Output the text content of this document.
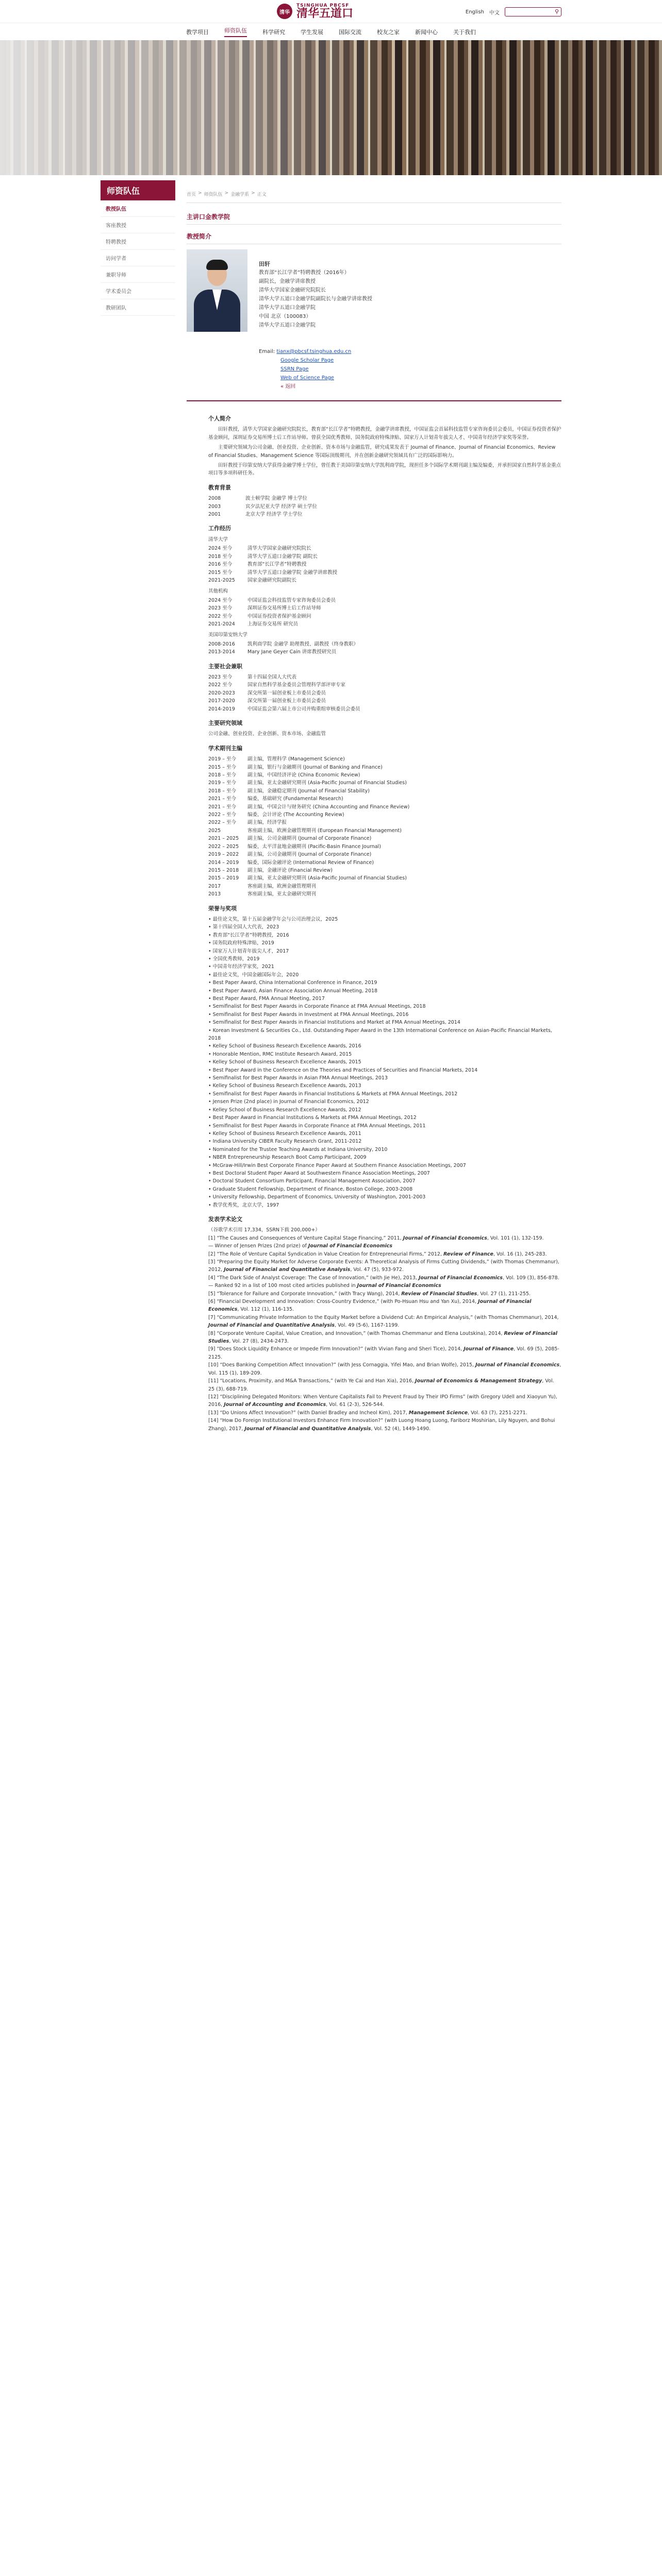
清华
TSINGHUA PBCSF
清华五道口	English 中文	⚲
教学项目	师资队伍	科学研究	学生发展	国际交流	校友之家	新闻中心	关于我们
师资队伍
教授队伍
客座教授
特聘教授
访问学者
兼职导师
学术委员会
教研团队
首页 > 师资队伍 > 金融学系 > 正文
主讲口金教学院
教授简介
田轩
教育部“长江学者”特聘教授（2016年）
副院长，金融学讲席教授
清华大学国家金融研究院院长
清华大学五道口金融学院副院长与金融学讲席教授
清华大学五道口金融学院
中国 北京（100083）
清华大学五道口金融学院
Email: tianx@pbcsf.tsinghua.edu.cn
Google Scholar Page
SSRN Page
Web of Science Page
« 返回
个人简介
田轩教授，清华大学国家金融研究院院长，教育部“长江学者”特聘教授，金融学讲席教授，中国证监会首届科技监管专家咨询委员会委员，中国证券投资者保护基金顾问，深圳证券交易所博士后工作站导师。曾获全国优秀教师、国务院政府特殊津贴、国家万人计划青年拔尖人才、中国青年经济学家奖等荣誉。
主要研究领域为公司金融、创业投资、企业创新、资本市场与金融监管，研究成果发表于 Journal of Finance、Journal of Financial Economics、Review of Financial Studies、Management Science 等国际顶级期刊，并在创新金融研究领域具有广泛的国际影响力。
田轩教授于印第安纳大学获得金融学博士学位，曾任教于美国印第安纳大学凯利商学院，现担任多个国际学术期刊副主编及编委，并承担国家自然科学基金重点项目等多项科研任务。
教育背景
2008	波士顿学院 金融学 博士学位
2003	宾夕法尼亚大学 经济学 硕士学位
2001	北京大学 经济学 学士学位
工作经历
清华大学
2024 至今	清华大学国家金融研究院院长
2018 至今	清华大学五道口金融学院 副院长
2016 至今	教育部“长江学者”特聘教授
2015 至今	清华大学五道口金融学院 金融学讲席教授
2021-2025	国家金融研究院副院长
其他机构
2024 至今	中国证监会科技监管专家咨询委员会委员
2023 至今	深圳证券交易所博士后工作站导师
2022 至今	中国证券投资者保护基金顾问
2021-2024	上海证券交易所 研究员
美国印第安纳大学
2008-2016	凯利商学院 金融学 助理教授、副教授（终身教职）
2013-2014	Mary Jane Geyer Cain 讲席教授研究员
主要社会兼职
2023 至今	第十四届全国人大代表
2022 至今	国家自然科学基金委员会管理科学部评审专家
2020-2023	深交所第一届创业板上市委员会委员
2017-2020	深交所第一届创业板上市委员会委员
2014-2019	中国证监会第六届上市公司并购重组审核委员会委员
主要研究领域
公司金融、创业投资、企业创新、资本市场、金融监管
学术期刊主编
2019 – 至今	副主编，管理科学 (Management Science)
2015 – 至今	副主编，银行与金融期刊 (Journal of Banking and Finance)
2018 – 至今	副主编，中国经济评论 (China Economic Review)
2019 – 至今	副主编，亚太金融研究期刊 (Asia-Pacific Journal of Financial Studies)
2018 – 至今	副主编，金融稳定期刊 (Journal of Financial Stability)
2021 – 至今	编委，基础研究 (Fundamental Research)
2021 – 至今	副主编，中国会计与财务研究 (China Accounting and Finance Review)
2022 – 至今	编委，会计评论 (The Accounting Review)
2022 – 至今	副主编，经济学报
2025	客座副主编，欧洲金融管理期刊 (European Financial Management)
2021 – 2025	副主编，公司金融期刊 (Journal of Corporate Finance)
2022 – 2025	编委，太平洋盆地金融期刊 (Pacific-Basin Finance Journal)
2019 – 2022	副主编，公司金融期刊 (Journal of Corporate Finance)
2014 – 2019	编委，国际金融评论 (International Review of Finance)
2015 – 2018	副主编，金融评论 (Financial Review)
2015 – 2019	副主编，亚太金融研究期刊 (Asia-Pacific Journal of Financial Studies)
2017	客座副主编，欧洲金融管理期刊
2013	客座副主编，亚太金融研究期刊
荣誉与奖项
• 最佳论文奖，第十五届金融学年会与公司治理会议，2025
• 第十四届全国人大代表，2023
• 教育部“长江学者”特聘教授，2016
• 国务院政府特殊津贴，2019
• 国家万人计划青年拔尖人才，2017
• 全国优秀教师，2019
• 中国青年经济学家奖，2021
• 最佳论文奖，中国金融国际年会，2020
• Best Paper Award, China International Conference in Finance, 2019
• Best Paper Award, Asian Finance Association Annual Meeting, 2018
• Best Paper Award, FMA Annual Meeting, 2017
• Semifinalist for Best Paper Awards in Corporate Finance at FMA Annual Meetings, 2018
• Semifinalist for Best Paper Awards in Investment at FMA Annual Meetings, 2016
• Semifinalist for Best Paper Awards in Financial Institutions and Market at FMA Annual Meetings, 2014
• Korean Investment & Securities Co., Ltd. Outstanding Paper Award in the 13th International Conference on Asian-Pacific Financial Markets, 2018
• Kelley School of Business Research Excellence Awards, 2016
• Honorable Mention, RMC Institute Research Award, 2015
• Kelley School of Business Research Excellence Awards, 2015
• Best Paper Award in the Conference on the Theories and Practices of Securities and Financial Markets, 2014
• Semifinalist for Best Paper Awards in Asian FMA Annual Meetings, 2013
• Kelley School of Business Research Excellence Awards, 2013
• Semifinalist for Best Paper Awards in Financial Institutions & Markets at FMA Annual Meetings, 2012
• Jensen Prize (2nd place) in Journal of Financial Economics, 2012
• Kelley School of Business Research Excellence Awards, 2012
• Best Paper Award in Financial Institutions & Markets at FMA Annual Meetings, 2012
• Semifinalist for Best Paper Awards in Corporate Finance at FMA Annual Meetings, 2011
• Kelley School of Business Research Excellence Awards, 2011
• Indiana University CIBER Faculty Research Grant, 2011-2012
• Nominated for the Trustee Teaching Awards at Indiana University, 2010
• NBER Entrepreneurship Research Boot Camp Participant, 2009
• McGraw-Hill/Irwin Best Corporate Finance Paper Award at Southern Finance Association Meetings, 2007
• Best Doctoral Student Paper Award at Southwestern Finance Association Meetings, 2007
• Doctoral Student Consortium Participant, Financial Management Association, 2007
• Graduate Student Fellowship, Department of Finance, Boston College, 2003-2008
• University Fellowship, Department of Economics, University of Washington, 2001-2003
• 教学优秀奖，北京大学，1997
发表学术论文
（谷歌学术引用 17,334，SSRN下载 200,000+）
[1] “The Causes and Consequences of Venture Capital Stage Financing,” 2011, Journal of Financial Economics, Vol. 101 (1), 132-159.
— Winner of Jensen Prizes (2nd prize) of Journal of Financial Economics
[2] “The Role of Venture Capital Syndication in Value Creation for Entrepreneurial Firms,” 2012, Review of Finance, Vol. 16 (1), 245-283.
[3] “Preparing the Equity Market for Adverse Corporate Events: A Theoretical Analysis of Firms Cutting Dividends,” (with Thomas Chemmanur), 2012, Journal of Financial and Quantitative Analysis, Vol. 47 (5), 933-972.
[4] “The Dark Side of Analyst Coverage: The Case of Innovation,” (with Jie He), 2013, Journal of Financial Economics, Vol. 109 (3), 856-878.
— Ranked 92 in a list of 100 most cited articles published in Journal of Financial Economics
[5] “Tolerance for Failure and Corporate Innovation,” (with Tracy Wang), 2014, Review of Financial Studies, Vol. 27 (1), 211-255.
[6] “Financial Development and Innovation: Cross-Country Evidence,” (with Po-Hsuan Hsu and Yan Xu), 2014, Journal of Financial Economics, Vol. 112 (1), 116-135.
[7] “Communicating Private Information to the Equity Market before a Dividend Cut: An Empirical Analysis,” (with Thomas Chemmanur), 2014, Journal of Financial and Quantitative Analysis, Vol. 49 (5-6), 1167-1199.
[8] “Corporate Venture Capital, Value Creation, and Innovation,” (with Thomas Chemmanur and Elena Loutskina), 2014, Review of Financial Studies, Vol. 27 (8), 2434-2473.
[9] “Does Stock Liquidity Enhance or Impede Firm Innovation?” (with Vivian Fang and Sheri Tice), 2014, Journal of Finance, Vol. 69 (5), 2085-2125.
[10] “Does Banking Competition Affect Innovation?” (with Jess Cornaggia, Yifei Mao, and Brian Wolfe), 2015, Journal of Financial Economics, Vol. 115 (1), 189-209.
[11] “Locations, Proximity, and M&A Transactions,” (with Ye Cai and Han Xia), 2016, Journal of Economics & Management Strategy, Vol. 25 (3), 688-719.
[12] “Disciplining Delegated Monitors: When Venture Capitalists Fail to Prevent Fraud by Their IPO Firms” (with Gregory Udell and Xiaoyun Yu), 2016, Journal of Accounting and Economics, Vol. 61 (2-3), 526-544.
[13] “Do Unions Affect Innovation?” (with Daniel Bradley and Incheol Kim), 2017, Management Science, Vol. 63 (7), 2251-2271.
[14] “How Do Foreign Institutional Investors Enhance Firm Innovation?” (with Luong Hoang Luong, Fariborz Moshirian, Lily Nguyen, and Bohui Zhang), 2017, Journal of Financial and Quantitative Analysis, Vol. 52 (4), 1449-1490.
